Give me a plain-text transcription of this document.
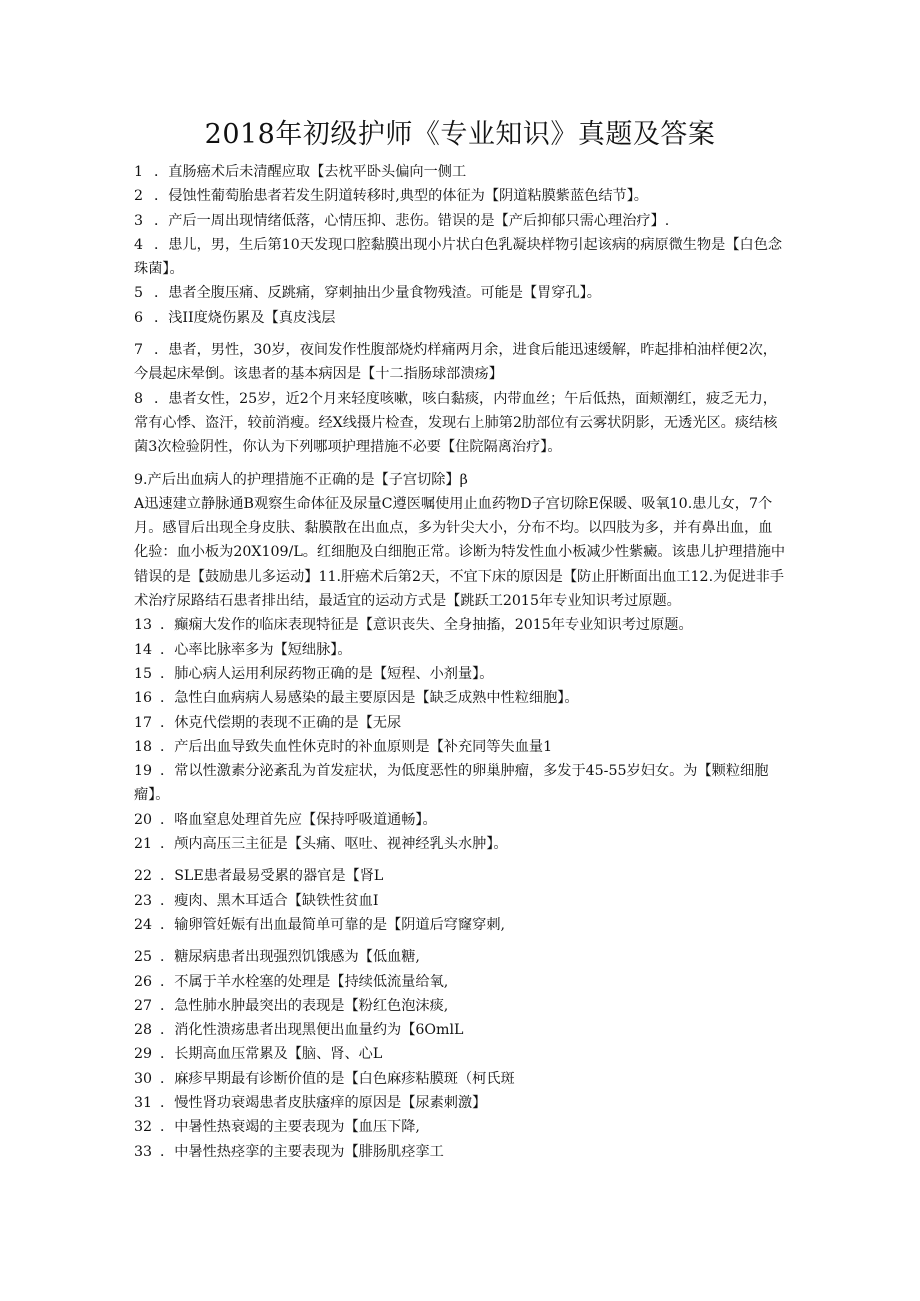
2018年初级护师《专业知识》真题及答案

1 ．直肠癌术后未清醒应取【去枕平卧头偏向一侧工

2 ．侵蚀性葡萄胎患者若发生阴道转移时,典型的体征为【阴道粘膜紫蓝色结节】。

3 ．产后一周出现情绪低落，心情压抑、悲伤。错误的是【产后抑郁只需心理治疗】.

4 ．患儿，男，生后第10天发现口腔黏膜出现小片状白色乳凝块样物引起该病的病原微生物是【白色念珠菌】。

5 ．患者全腹压痛、反跳痛，穿刺抽出少量食物残渣。可能是【胃穿孔】。

6 ．浅II度烧伤累及【真皮浅层

7 ．患者，男性，30岁，夜间发作性腹部烧灼样痛两月余，进食后能迅速缓解，昨起排柏油样便2次，今晨起床晕倒。该患者的基本病因是【十二指肠球部溃疡】

8 ．患者女性，25岁，近2个月来轻度咳嗽，咳白黏痰，内带血丝；午后低热，面颊潮红，疲乏无力，常有心悸、盗汗，较前消瘦。经X线摄片检查，发现右上肺第2肋部位有云雾状阴影，无透光区。痰结核菌3次检验阴性，你认为下列哪项护理措施不必要【住院隔离治疗】。

9.产后出血病人的护理措施不正确的是【子宫切除】β

A迅速建立静脉通B观察生命体征及尿量C遵医嘱使用止血药物D子宫切除E保暖、吸氧10.患儿女，7个月。感冒后出现全身皮肤、黏膜散在出血点，多为针尖大小，分布不均。以四肢为多，并有鼻出血，血化验：血小板为20X109/L。红细胞及白细胞正常。诊断为特发性血小板减少性紫癜。该患儿护理措施中错误的是【鼓励患儿多运动】11.肝癌术后第2天，不宜下床的原因是【防止肝断面出血工12.为促进非手术治疗尿路结石患者排出结，最适宜的运动方式是【跳跃工2015年专业知识考过原题。

13 ．癫痫大发作的临床表现特征是【意识丧失、全身抽搐，2015年专业知识考过原题。

14 ．心率比脉率多为【短绌脉】。

15 ．肺心病人运用利尿药物正确的是【短程、小剂量】。

16 ．急性白血病病人易感染的最主要原因是【缺乏成熟中性粒细胞】。

17 ．休克代偿期的表现不正确的是【无尿

18 ．产后出血导致失血性休克时的补血原则是【补充同等失血量1

19 ．常以性激素分泌紊乱为首发症状，为低度恶性的卵巢肿瘤，多发于45-55岁妇女。为【颗粒细胞瘤】。

20 ．咯血窒息处理首先应【保持呼吸道通畅】。

21 ．颅内高压三主征是【头痛、呕吐、视神经乳头水肿】。

22 ．SLE患者最易受累的器官是【肾L

23 ．瘦肉、黑木耳适合【缺铁性贫血I

24 ．输卵管妊娠有出血最简单可靠的是【阴道后穹窿穿刺,

25 ．糖尿病患者出现强烈饥饿感为【低血糖,

26 ．不属于羊水栓塞的处理是【持续低流量给氧,

27 ．急性肺水肿最突出的表现是【粉红色泡沫痰,

28 ．消化性溃疡患者出现黑便出血量约为【6OmlL

29 ．长期高血压常累及【脑、肾、心L

30 ．麻疹早期最有诊断价值的是【白色麻疹粘膜斑（柯氏斑

31 ．慢性肾功衰竭患者皮肤瘙痒的原因是【尿素刺激】

32 ．中暑性热衰竭的主要表现为【血压下降,

33 ．中暑性热痉挛的主要表现为【腓肠肌痉挛工
